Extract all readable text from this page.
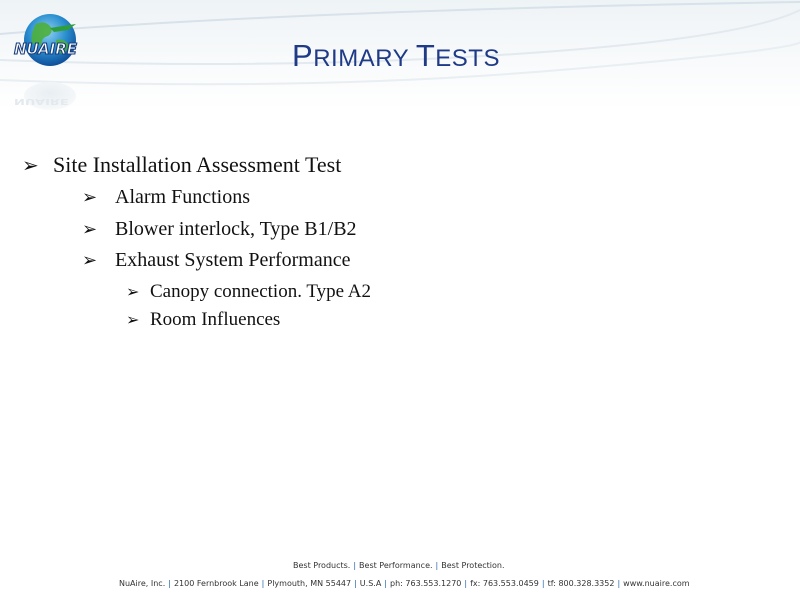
NUAIRE
NUAIRE
PRIMARY TESTS
➢ Site Installation Assessment Test
➢ Alarm Functions
➢ Blower interlock, Type B1/B2
➢ Exhaust System Performance
➢ Canopy connection. Type A2
➢ Room Influences
Best Products. | Best Performance. | Best Protection.
NuAire, Inc. | 2100 Fernbrook Lane | Plymouth, MN 55447 | U.S.A | ph: 763.553.1270 | fx: 763.553.0459 | tf: 800.328.3352 | www.nuaire.com
